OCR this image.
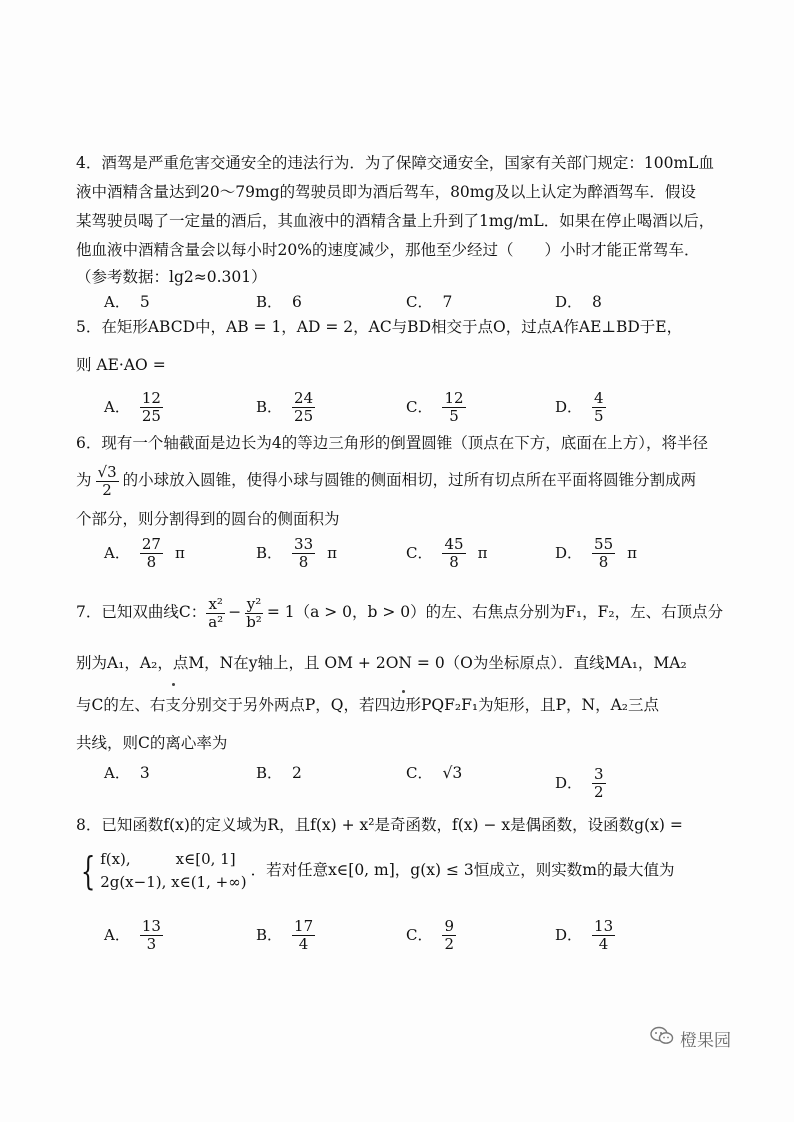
4．酒驾是严重危害交通安全的违法行为．为了保障交通安全，国家有关部门规定：100mL血
液中酒精含量达到20～79mg的驾驶员即为酒后驾车，80mg及以上认定为醉酒驾车．假设
某驾驶员喝了一定量的酒后，其血液中的酒精含量上升到了1mg/mL．如果在停止喝酒以后，
他血液中酒精含量会以每小时20%的速度减少，那他至少经过（　　）小时才能正常驾车．
（参考数据：lg2≈0.301）
A． 5	B． 6	C． 7	D． 8
5．在矩形ABCD中，AB = 1，AD = 2，AC与BD相交于点O，过点A作AE⊥BD于E，
则 AE·AO =
A． $\frac{12}{25}$	B． $\frac{24}{25}$	C． $\frac{12}{5}$	D． $\frac{4}{5}$
6．现有一个轴截面是边长为4的等边三角形的倒置圆锥（顶点在下方，底面在上方），将半径
为 $\frac{√3}{2}$ 的小球放入圆锥，使得小球与圆锥的侧面相切，过所有切点所在平面将圆锥分割成两
个部分，则分割得到的圆台的侧面积为
A． $\frac{27}{8}$ π	B． $\frac{33}{8}$ π	C． $\frac{45}{8}$ π	D． $\frac{55}{8}$ π
7．已知双曲线C： $\frac{\text{x²}}{\text{a²}} - \frac{\text{y²}}{\text{b²}} = 1(a > 0$，b > 0）的左、右焦点分别为F₁，F₂，左、右顶点分
别为A₁，A₂，点M，N在y轴上，且 OM + 2ON = 0（O为坐标原点）．直线MA₁，MA₂
与C的左、右支分别交于另外两点P，Q，若四边形PQF₂F₁为矩形，且P，N，A₂三点
共线，则C的离心率为
A． 3	B． 2	C． √3
D． $\frac{3}{2}$
8．已知函数f(x)的定义域为R，且f(x) + x²是奇函数，f(x) − x是偶函数，设函数g(x) =
{ f(x),　　　x∈[0, 1]
2g(x−1), x∈(1, +∞)
．若对任意x∈[0, m]，g(x) ≤ 3恒成立，则实数m的最大值为
A． $\frac{13}{3}$	B． $\frac{17}{4}$	C． $\frac{9}{2}$	D． $\frac{13}{4}$
橙果园
